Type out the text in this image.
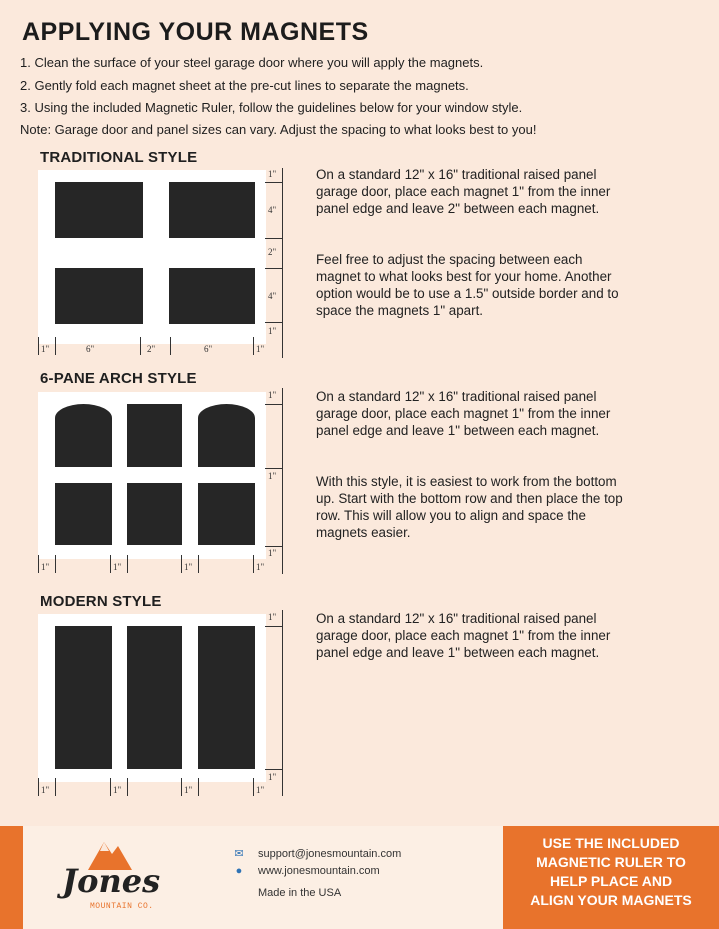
APPLYING YOUR MAGNETS
1. Clean the surface of your steel garage door where you will apply the magnets.
2. Gently fold each magnet sheet at the pre-cut lines to separate the magnets.
3. Using the included Magnetic Ruler, follow the guidelines below for your window style.
Note: Garage door and panel sizes can vary. Adjust the spacing to what looks best to you!
TRADITIONAL STYLE
1"
4"
2"
4"
1"
1"	6"	2"	6"	1"
On a standard 12" x 16" traditional raised panel garage door, place each magnet 1" from the inner panel edge and leave 2" between each magnet.
Feel free to adjust the spacing between each magnet to what looks best for your home. Another option would be to use a 1.5" outside border and to space the magnets 1" apart.
6-PANE ARCH STYLE
1"
1"
1"
1"	1"	1"	1"
On a standard 12" x 16" traditional raised panel garage door, place each magnet 1" from the inner panel edge and leave 1" between each magnet.
With this style, it is easiest to work from the bottom up. Start with the bottom row and then place the top row. This will allow you to align and space the magnets easier.
MODERN STYLE
1"
1"
1"	1"	1"	1"
On a standard 12" x 16" traditional raised panel garage door, place each magnet 1" from the inner panel edge and leave 1" between each magnet.
Jones
MOUNTAIN CO.
✉ support@jonesmountain.com
● www.jonesmountain.com
Made in the USA
USE THE INCLUDED
MAGNETIC RULER TO
HELP PLACE AND
ALIGN YOUR MAGNETS
